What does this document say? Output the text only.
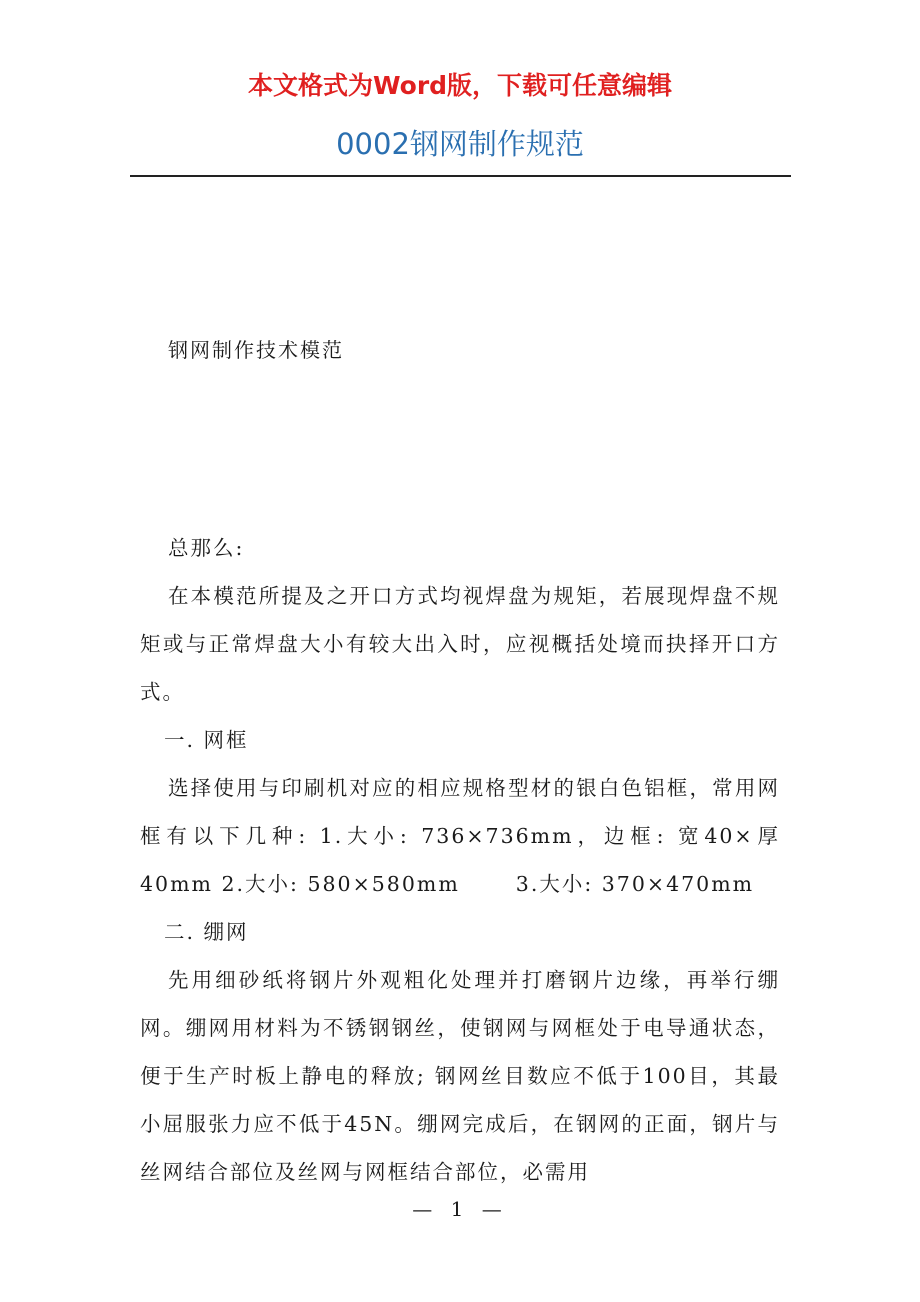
本文格式为Word版，下载可任意编辑
0002钢网制作规范
钢网制作技术模范

总那么:

在本模范所提及之开口方式均视焊盘为规矩，若展现焊盘不规矩或与正常焊盘大小有较大出入时，应视概括处境而抉择开口方式。

一. 网框

选择使用与印刷机对应的相应规格型材的银白色铝框，常用网框有以下几种: 1.大小: 736×736mm，边框: 宽40×厚40mm 2.大小: 580×580mm	3.大小: 370×470mm

二. 绷网

先用细砂纸将钢片外观粗化处理并打磨钢片边缘，再举行绷网。绷网用材料为不锈钢钢丝，使钢网与网框处于电导通状态，便于生产时板上静电的释放; 钢网丝目数应不低于100目，其最小屈服张力应不低于45N。绷网完成后，在钢网的正面，钢片与丝网结合部位及丝网与网框结合部位，必需用

— 1 —
